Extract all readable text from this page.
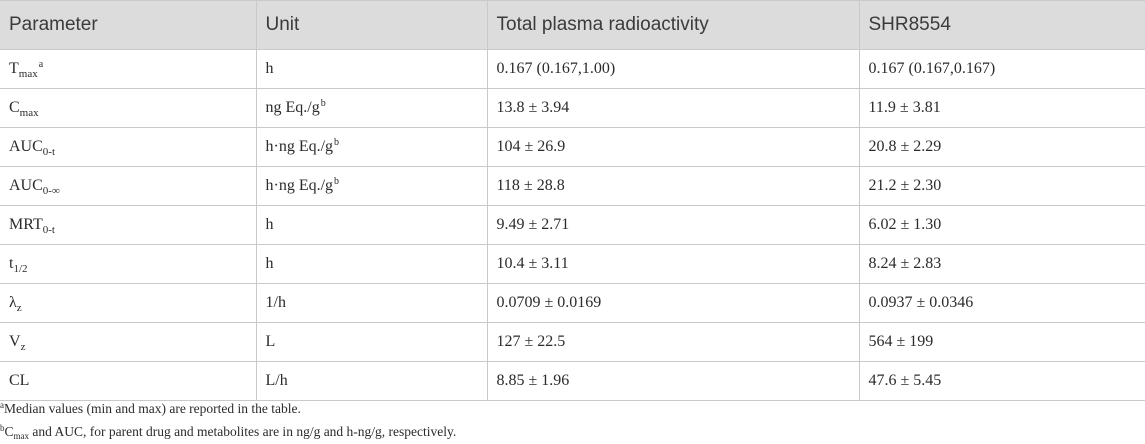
Parameter	Unit	Total plasma radioactivity	SHR8554
$T_{max}^a$	h	0.167 (0.167,1.00)	0.167 (0.167,0.167)
$C_{max}$	ng $Eq./g^b$	13.8 ± 3.94	11.9 ± 3.81
$AUC_{0-t}$	h·ng $Eq./g^b$	104 ± 26.9	20.8 ± 2.29
$AUC_{0-\infty}$	h·ng $Eq./g^b$	118 ± 28.8	21.2 ± 2.30
$MRT_{0-t}$	h	9.49 ± 2.71	6.02 ± 1.30
$t_{1/2}$	h	10.4 ± 3.11	8.24 ± 2.83
$\lambda_z$	1/h	0.0709 ± 0.0169	0.0937 ± 0.0346
$V_z$	L	127 ± 22.5	564 ± 199
CL	L/h	8.85 ± 1.96	47.6 ± 5.45
$^a$Median values (min and max) are reported in the table.
$^bC_{max}$ and AUC, for parent drug and metabolites are in ng/g and h-ng/g, respectively.
